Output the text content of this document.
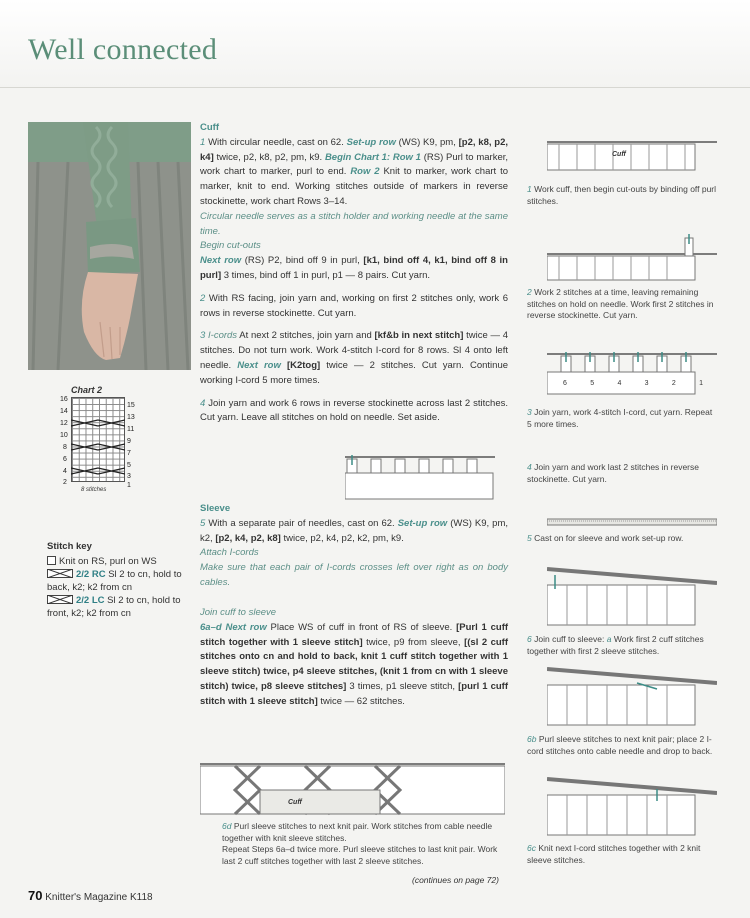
Well connected
Chart 2
16
14
12
10
8
6
4
2
15
13
11
9
7
5
3
1
8 stitches
Stitch key
Knit on RS, purl on WS
2/2 RC Sl 2 to cn, hold to back, k2; k2 from cn
2/2 LC Sl 2 to cn, hold to front, k2; k2 from cn
Cuff
1 With circular needle, cast on 62. Set-up row (WS) K9, pm, [p2, k8, p2, k4] twice, p2, k8, p2, pm, k9. Begin Chart 1: Row 1 (RS) Purl to marker, work chart to marker, purl to end. Row 2 Knit to marker, work chart to marker, knit to end. Working stitches outside of markers in reverse stockinette, work chart Rows 3–14.
Circular needle serves as a stitch holder and working needle at the same time.
Begin cut-outs
Next row (RS) P2, bind off 9 in purl, [k1, bind off 4, k1, bind off 8 in purl] 3 times, bind off 1 in purl, p1 — 8 pairs. Cut yarn.
2 With RS facing, join yarn and, working on first 2 stitches only, work 6 rows in reverse stockinette. Cut yarn.
3 I-cords At next 2 stitches, join yarn and [kf&b in next stitch] twice — 4 stitches. Do not turn work. Work 4-stitch I-cord for 8 rows. Sl 4 onto left needle. Next row [K2tog] twice — 2 stitches. Cut yarn. Continue working I-cord 5 more times.
4 Join yarn and work 6 rows in reverse stockinette across last 2 stitches. Cut yarn. Leave all stitches on hold on needle. Set aside.
Sleeve
5 With a separate pair of needles, cast on 62. Set-up row (WS) K9, pm, k2, [p2, k4, p2, k8] twice, p2, k4, p2, k2, pm, k9.
Attach I-cords
Make sure that each pair of I-cords crosses left over right as on body cables.
Join cuff to sleeve
6a–d Next row Place WS of cuff in front of RS of sleeve. [Purl 1 cuff stitch together with 1 sleeve stitch] twice, p9 from sleeve, [(sl 2 cuff stitches onto cn and hold to back, knit 1 cuff stitch together with 1 sleeve stitch) twice, p4 sleeve stitches, (knit 1 from cn with 1 sleeve stitch) twice, p8 sleeve stitches] 3 times, p1 sleeve stitch, [purl 1 cuff stitch with 1 sleeve stitch] twice — 62 stitches.
Cuff
1 Work cuff, then begin cut-outs by binding off purl stitches.
2 Work 2 stitches at a time, leaving remaining stitches on hold on needle. Work first 2 stitches in reverse stockinette. Cut yarn.
6	5	4	3	2	1
3 Join yarn, work 4-stitch I-cord, cut yarn. Repeat 5 more times.
4 Join yarn and work last 2 stitches in reverse stockinette. Cut yarn.
5 Cast on for sleeve and work set-up row.
6 Join cuff to sleeve: a Work first 2 cuff stitches together with first 2 sleeve stitches.
6b Purl sleeve stitches to next knit pair; place 2 I-cord stitches onto cable needle and drop to back.
6c Knit next I-cord stitches together with 2 knit sleeve stitches.
Cuff
6d Purl sleeve stitches to next knit pair. Work stitches from cable needle together with knit sleeve stitches.
Repeat Steps 6a–d twice more. Purl sleeve stitches to last knit pair. Work last 2 cuff stitches together with last 2 sleeve stitches.
(continues on page 72)
70 Knitter's Magazine K118
